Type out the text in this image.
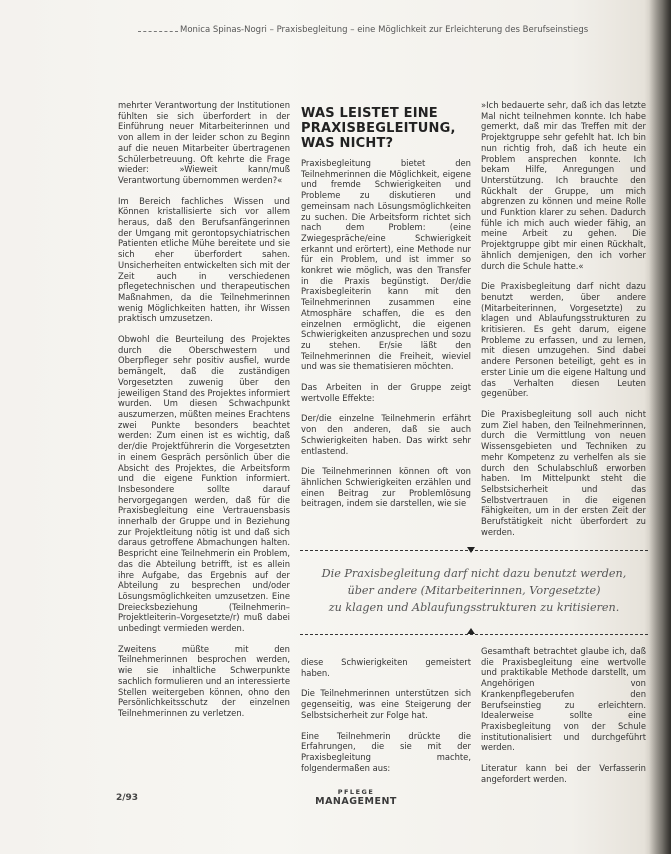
Monica Spinas-Nogri – Praxisbegleitung – eine Möglichkeit zur Erleichterung des Berufseinstiegs

mehrter Verantwortung der Institutionen fühlten sie sich überfordert in der Einführung neuer Mitarbeiterinnen und von allem in der leider schon zu Beginn auf die neuen Mitarbeiter übertragenen Schülerbetreuung. Oft kehrte die Frage wieder: »Wieweit kann/muß Verantwortung übernommen werden?«

Im Bereich fachliches Wissen und Können kristallisierte sich vor allem heraus, daß den Berufsanfängerinnen der Umgang mit gerontopsychiatrischen Patienten etliche Mühe bereitete und sie sich eher überfordert sahen. Unsicherheiten entwickelten sich mit der Zeit auch in verschiedenen pflegetechnischen und therapeutischen Maßnahmen, da die Teilnehmerinnen wenig Möglichkeiten hatten, ihr Wissen praktisch umzusetzen.

Obwohl die Beurteilung des Projektes durch die Oberschwestern und Oberpfleger sehr positiv ausfiel, wurde bemängelt, daß die zuständigen Vorgesetzten zuwenig über den jeweiligen Stand des Projektes informiert wurden. Um diesen Schwachpunkt auszumerzen, müßten meines Erachtens zwei Punkte besonders beachtet werden: Zum einen ist es wichtig, daß der/die Projektführerin die Vorgesetzten in einem Gespräch persönlich über die Absicht des Projektes, die Arbeitsform und die eigene Funktion informiert. Insbesondere sollte darauf hervorgegangen werden, daß für die Praxisbegleitung eine Vertrauensbasis innerhalb der Gruppe und in Beziehung zur Projektleitung nötig ist und daß sich daraus getroffene Abmachungen halten. Bespricht eine Teilnehmerin ein Problem, das die Abteilung betrifft, ist es allein ihre Aufgabe, das Ergebnis auf der Abteilung zu besprechen und/oder Lösungsmöglichkeiten umzusetzen. Eine Dreiecksbeziehung (Teilnehmerin–Projektleiterin–Vorgesetzte/r) muß dabei unbedingt vermieden werden.

Zweitens müßte mit den Teilnehmerinnen besprochen werden, wie sie inhaltliche Schwerpunkte sachlich formulieren und an interessierte Stellen weitergeben können, ohno den Persönlichkeitsschutz der einzelnen Teilnehmerinnen zu verletzen.

WAS LEISTET EINE
PRAXISBEGLEITUNG,
WAS NICHT?

Praxisbegleitung bietet den Teilnehmerinnen die Möglichkeit, eigene und fremde Schwierigkeiten und Probleme zu diskutieren und gemeinsam nach Lösungsmöglichkeiten zu suchen. Die Arbeitsform richtet sich nach dem Problem: (eine Zwiegespräche/eine Schwierigkeit erkannt und erörtert), eine Methode nur für ein Problem, und ist immer so konkret wie möglich, was den Transfer in die Praxis begünstigt. Der/die Praxisbegleiterin kann mit den Teilnehmerinnen zusammen eine Atmosphäre schaffen, die es den einzelnen ermöglicht, die eigenen Schwierigkeiten anzusprechen und sozu zu stehen. Er/sie läßt den Teilnehmerinnen die Freiheit, wieviel und was sie thematisieren möchten.

Das Arbeiten in der Gruppe zeigt wertvolle Effekte:

Der/die einzelne Teilnehmerin erfährt von den anderen, daß sie auch Schwierigkeiten haben. Das wirkt sehr entlastend.

Die Teilnehmerinnen können oft von ähnlichen Schwierigkeiten erzählen und einen Beitrag zur Problemlösung beitragen, indem sie darstellen, wie sie

»Ich bedauerte sehr, daß ich das letzte Mal nicht teilnehmen konnte. Ich habe gemerkt, daß mir das Treffen mit der Projektgruppe sehr gefehlt hat. Ich bin nun richtig froh, daß ich heute ein Problem ansprechen konnte. Ich bekam Hilfe, Anregungen und Unterstützung. Ich brauchte den Rückhalt der Gruppe, um mich abgrenzen zu können und meine Rolle und Funktion klarer zu sehen. Dadurch fühle ich mich auch wieder fähig, an meine Arbeit zu gehen. Die Projektgruppe gibt mir einen Rückhalt, ähnlich demjenigen, den ich vorher durch die Schule hatte.«

Die Praxisbegleitung darf nicht dazu benutzt werden, über andere (Mitarbeiterinnen, Vorgesetzte) zu klagen und Ablaufungsstrukturen zu kritisieren. Es geht darum, eigene Probleme zu erfassen, und zu lernen, mit diesen umzugehen. Sind dabei andere Personen beteiligt, geht es in erster Linie um die eigene Haltung und das Verhalten diesen Leuten gegenüber.

Die Praxisbegleitung soll auch nicht zum Ziel haben, den Teilnehmerinnen, durch die Vermittlung von neuen Wissensgebieten und Techniken zu mehr Kompetenz zu verhelfen als sie durch den Schulabschluß erworben haben. Im Mittelpunkt steht die Selbstsicherheit und das Selbstvertrauen in die eigenen Fähigkeiten, um in der ersten Zeit der Berufstätigkeit nicht überfordert zu werden.

Die Praxisbegleitung darf nicht dazu benutzt werden,
über andere (Mitarbeiterinnen, Vorgesetzte)
zu klagen und Ablaufungsstrukturen zu kritisieren.

diese Schwierigkeiten gemeistert haben.

Die Teilnehmerinnen unterstützen sich gegenseitig, was eine Steigerung der Selbstsicherheit zur Folge hat.

Eine Teilnehmerin drückte die Erfahrungen, die sie mit der Praxisbegleitung machte, folgendermaßen aus:

Gesamthaft betrachtet glaube ich, daß die Praxisbegleitung eine wertvolle und praktikable Methode darstellt, um Angehörigen von Krankenpflegeberufen den Berufseinstieg zu erleichtern. Idealerweise sollte eine Praxisbegleitung von der Schule institutionalisiert und durchgeführt werden.

Literatur kann bei der Verfasserin angefordert werden.

2/93
PFLEGE
MANAGEMENT
